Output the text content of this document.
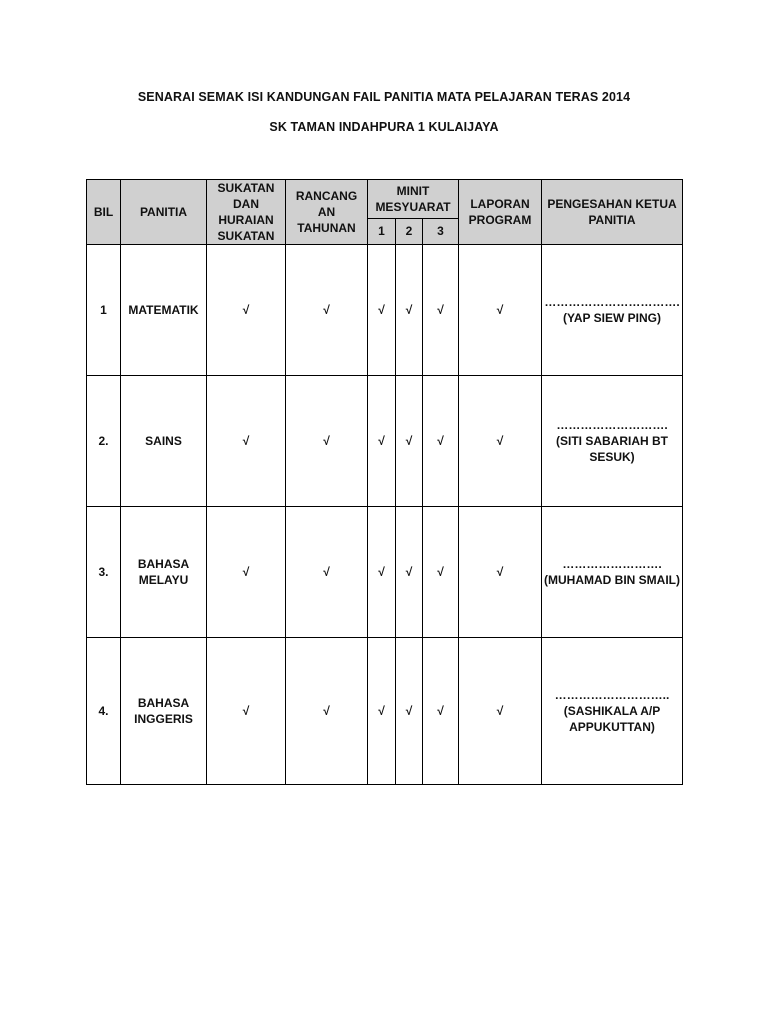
SENARAI SEMAK ISI KANDUNGAN FAIL PANITIA MATA PELAJARAN TERAS 2014
SK TAMAN INDAHPURA 1 KULAIJAYA
BIL	PANITIA	SUKATAN DAN HURAIAN SUKATAN	RANCANG AN TAHUNAN	MINIT MESYUARAT			LAPORAN PROGRAM	PENGESAHAN KETUA PANITIA
				1	2	3		
1	MATEMATIK	√	√	√	√	√	√	…………………………….
(YAP SIEW PING)

2.	SAINS	√	√	√	√	√	√	……………………….
(SITI SABARIAH BT SESUK)

3.	BAHASA MELAYU	√	√	√	√	√	√	…………………….
(MUHAMAD BIN SMAIL)

4.	BAHASA INGGERIS	√	√	√	√	√	√	………………………..
(SASHIKALA A/P APPUKUTTAN)
